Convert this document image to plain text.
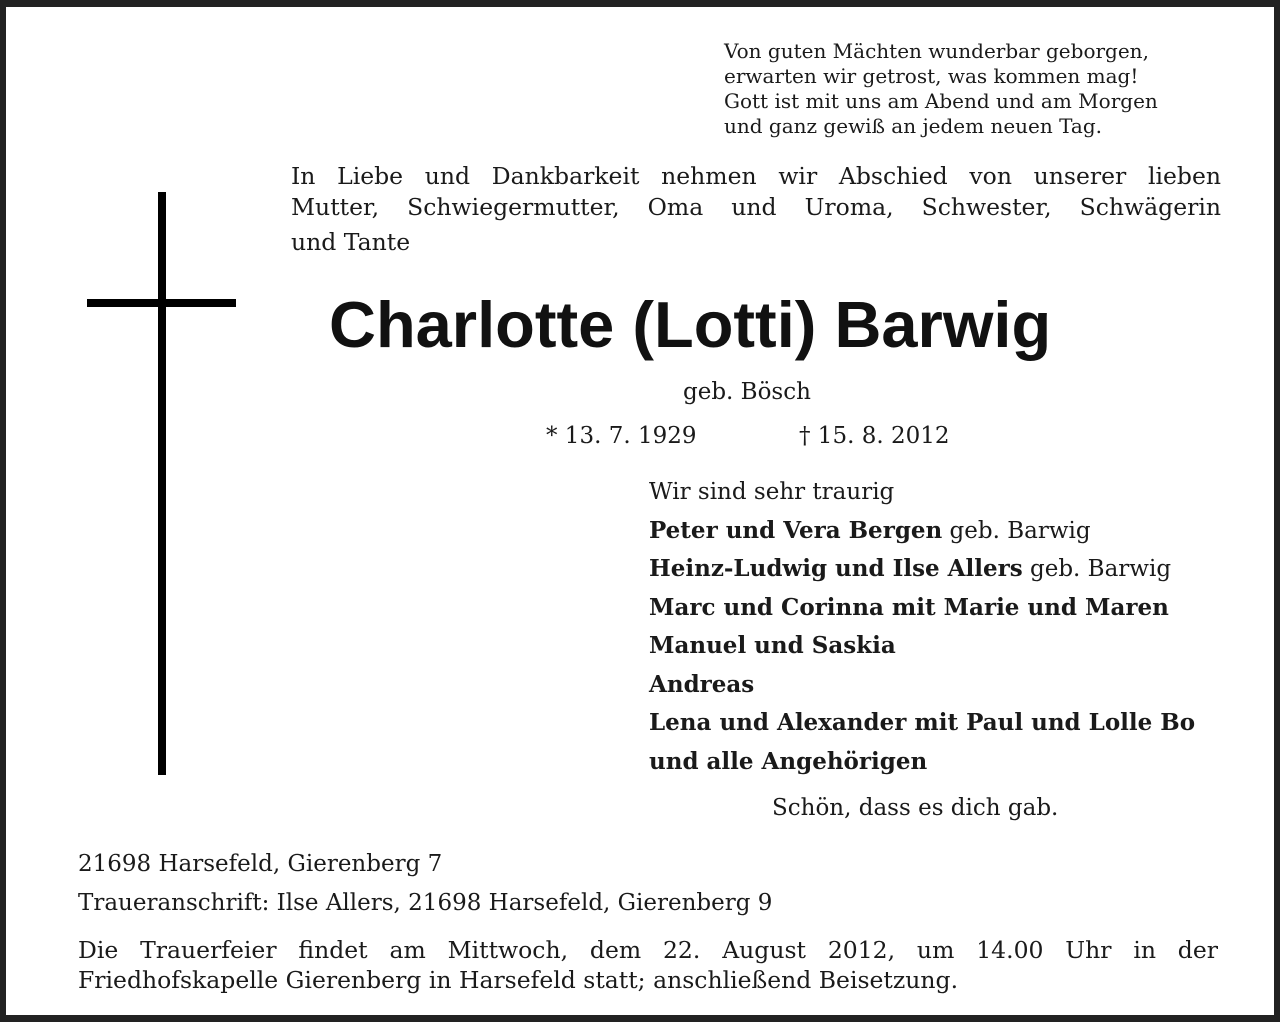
Von guten Mächten wunderbar geborgen,
erwarten wir getrost, was kommen mag!
Gott ist mit uns am Abend und am Morgen
und ganz gewiß an jedem neuen Tag.
In Liebe und Dankbarkeit nehmen wir Abschied von unserer lieben
Mutter, Schwiegermutter, Oma und Uroma, Schwester, Schwägerin
und Tante
Charlotte (Lotti) Barwig
geb. Bösch
* 13. 7. 1929	† 15. 8. 2012
Wir sind sehr traurig
Peter und Vera Bergen geb. Barwig
Heinz-Ludwig und Ilse Allers geb. Barwig
Marc und Corinna mit Marie und Maren
Manuel und Saskia
Andreas
Lena und Alexander mit Paul und Lolle Bo
und alle Angehörigen
Schön, dass es dich gab.
21698 Harsefeld, Gierenberg 7
Traueranschrift: Ilse Allers, 21698 Harsefeld, Gierenberg 9
Die Trauerfeier findet am Mittwoch, dem 22. August 2012, um 14.00 Uhr in der
Friedhofskapelle Gierenberg in Harsefeld statt; anschließend Beisetzung.
